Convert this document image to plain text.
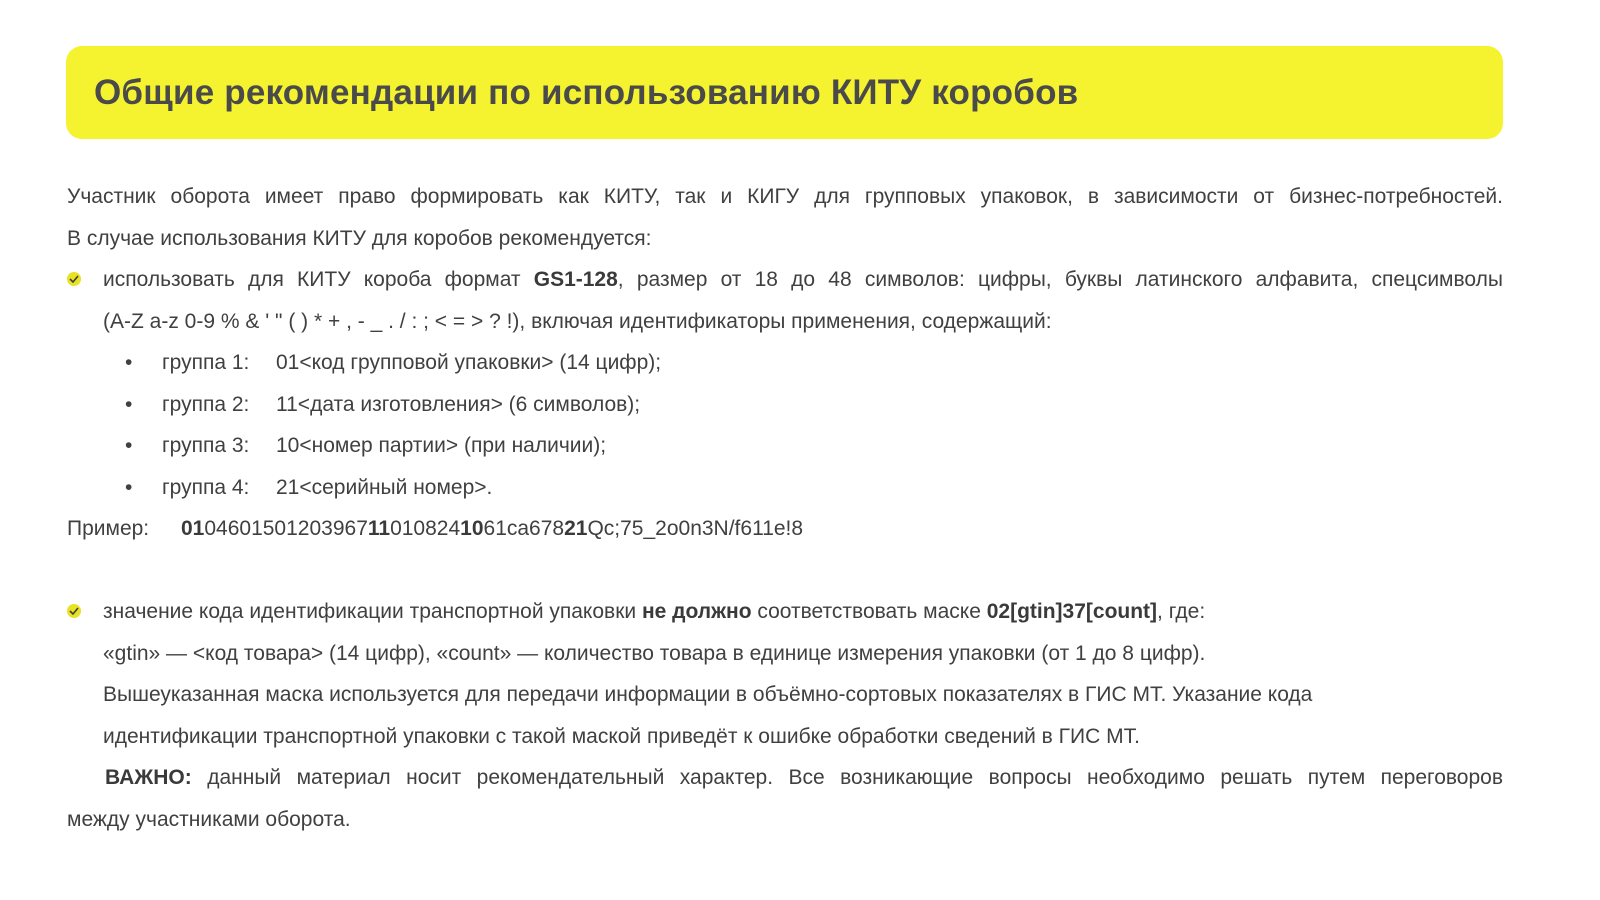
Общие рекомендации по использованию КИТУ коробов
Участник оборота имеет право формировать как КИТУ, так и КИГУ для групповых упаковок, в зависимости от бизнес-потребностей.
В случае использования КИТУ для коробов рекомендуется:
использовать для КИТУ короба формат GS1-128, размер от 18 до 48 символов: цифры, буквы латинского алфавита, спецсимволы
(A-Z a-z 0-9 % & ' " ( ) * + , - _ . / : ; < = > ? !), включая идентификаторы применения, содержащий:
• группа 1: 01<код групповой упаковки> (14 цифр);
• группа 2: 11<дата изготовления> (6 символов);
• группа 3: 10<номер партии> (при наличии);
• группа 4: 21<серийный номер>.
Пример: 0104601501203967110108241061ca67821Qc;75_2o0n3N/f611e!8
значение кода идентификации транспортной упаковки не должно соответствовать маске 02[gtin]37[count], где:
«gtin» — <код товара> (14 цифр), «count» — количество товара в единице измерения упаковки (от 1 до 8 цифр).
Вышеуказанная маска используется для передачи информации в объёмно-сортовых показателях в ГИС МТ. Указание кода
идентификации транспортной упаковки с такой маской приведёт к ошибке обработки сведений в ГИС МТ.
ВАЖНО: данный материал носит рекомендательный характер. Все возникающие вопросы необходимо решать путем переговоров
между участниками оборота.
